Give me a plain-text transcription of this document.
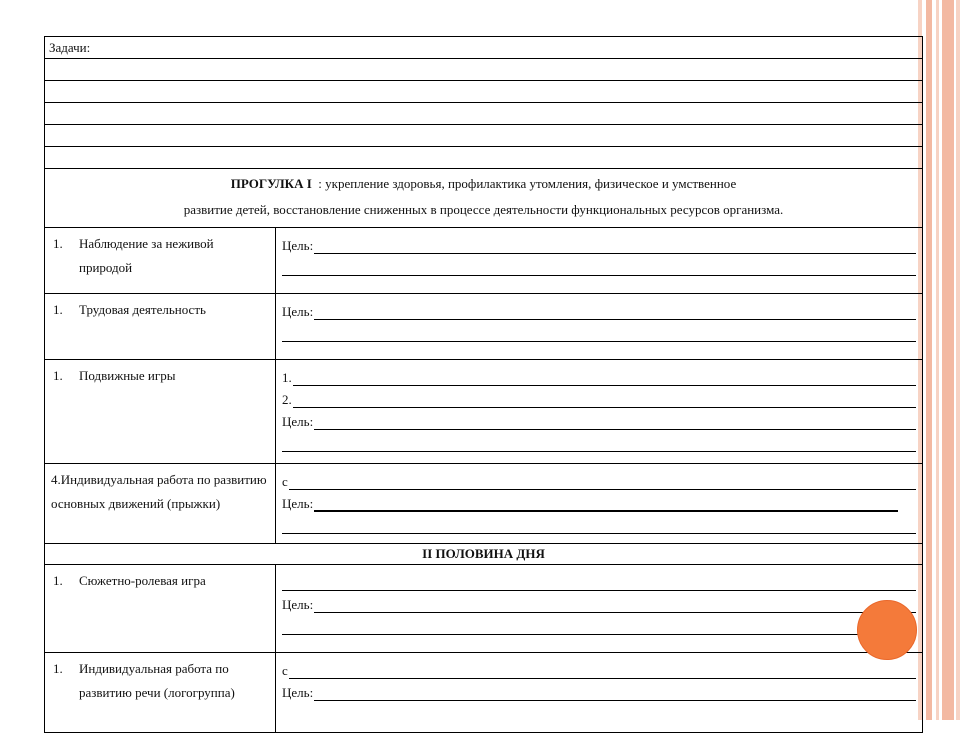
Задачи:	

ПРОГУЛКА I : укрепление здоровья, профилактика утомления, физическое и умственное
развитие детей, восстановление сниженных в процессе деятельности функциональных ресурсов организма.	
1. Наблюдение за неживой природой	Цель:

1. Трудовая деятельность	Цель:

1. Подвижные игры	1.
2.
Цель:

4.Индивидуальная работа по развитию основных движений (прыжки)	с
Цель:

II ПОЛОВИНА ДНЯ	
1. Сюжетно-ролевая игра	Цель:

1. Индивидуальная работа по развитию речи (логогруппа)	с
Цель:
